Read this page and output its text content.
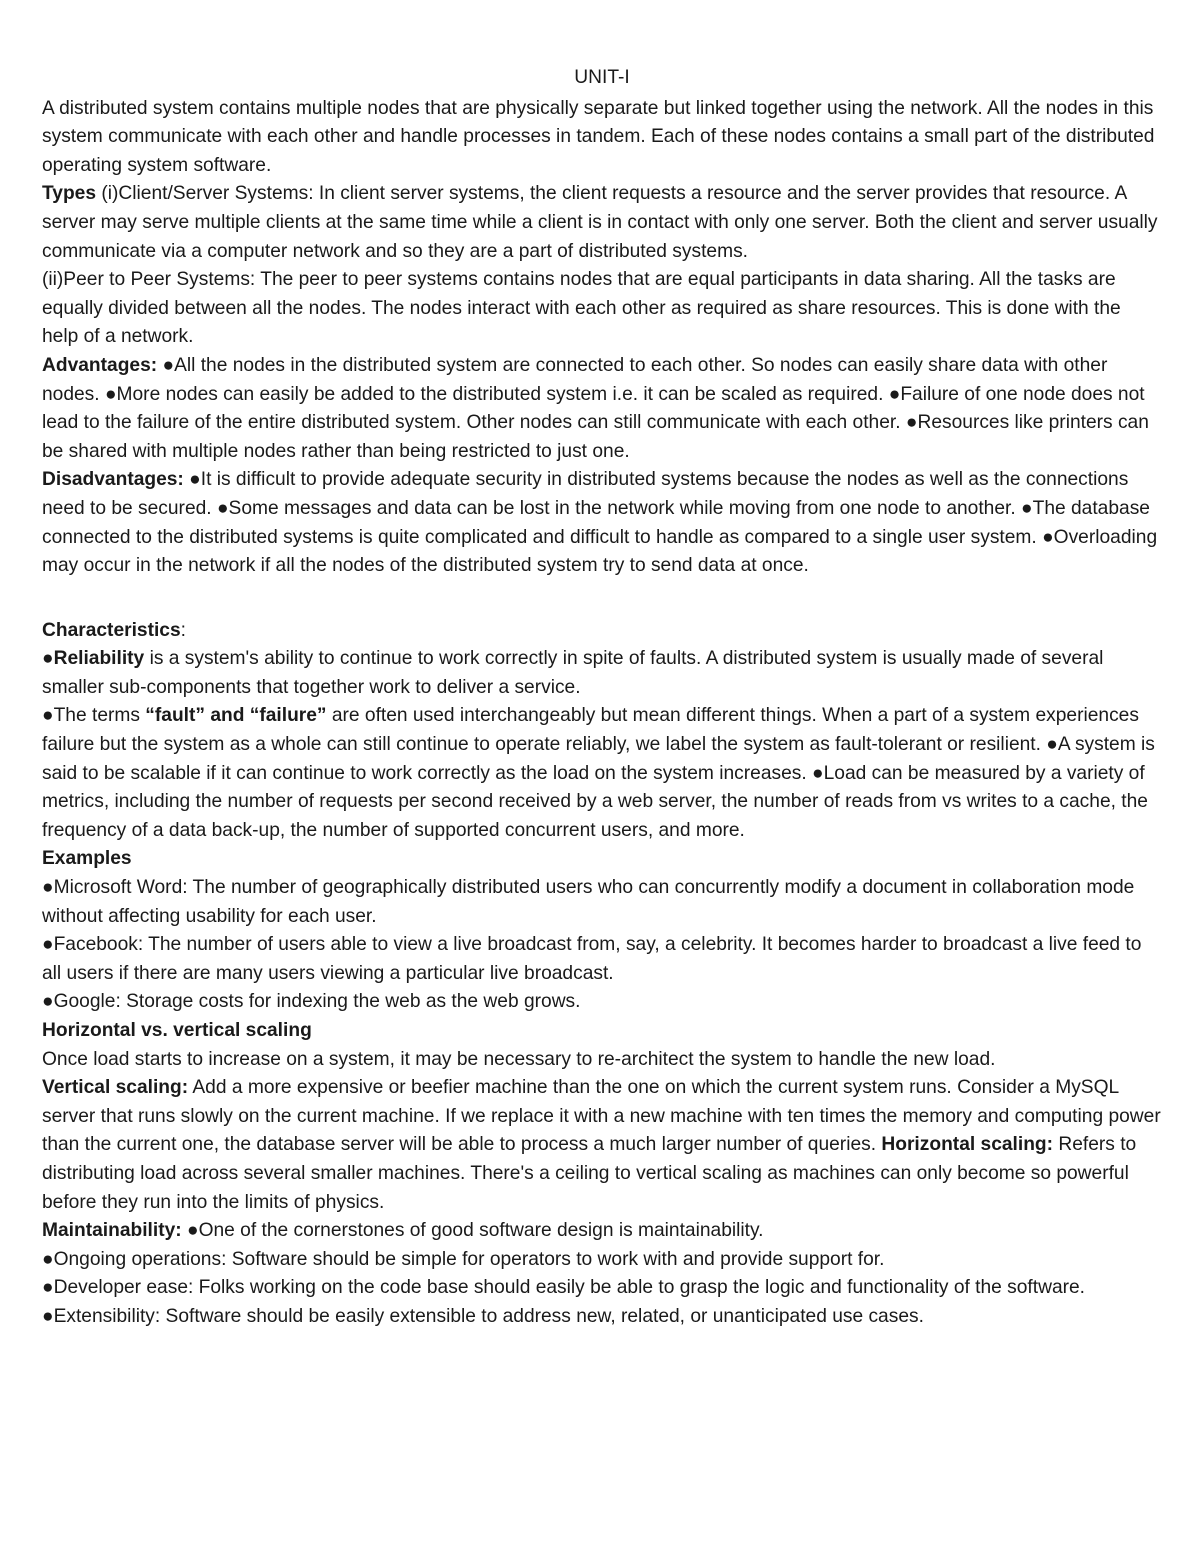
UNIT-I

A distributed system contains multiple nodes that are physically separate but linked together using the network. All the nodes in this system communicate with each other and handle processes in tandem. Each of these nodes contains a small part of the distributed operating system software.

Types (i)Client/Server Systems: In client server systems, the client requests a resource and the server provides that resource. A server may serve multiple clients at the same time while a client is in contact with only one server. Both the client and server usually communicate via a computer network and so they are a part of distributed systems.

(ii)Peer to Peer Systems: The peer to peer systems contains nodes that are equal participants in data sharing. All the tasks are equally divided between all the nodes. The nodes interact with each other as required as share resources. This is done with the help of a network.

Advantages: ●All the nodes in the distributed system are connected to each other. So nodes can easily share data with other nodes. ●More nodes can easily be added to the distributed system i.e. it can be scaled as required. ●Failure of one node does not lead to the failure of the entire distributed system. Other nodes can still communicate with each other. ●Resources like printers can be shared with multiple nodes rather than being restricted to just one.

Disadvantages: ●It is difficult to provide adequate security in distributed systems because the nodes as well as the connections need to be secured. ●Some messages and data can be lost in the network while moving from one node to another. ●The database connected to the distributed systems is quite complicated and difficult to handle as compared to a single user system. ●Overloading may occur in the network if all the nodes of the distributed system try to send data at once.

Characteristics:

●Reliability is a system's ability to continue to work correctly in spite of faults. A distributed system is usually made of several smaller sub-components that together work to deliver a service.

●The terms “fault” and “failure” are often used interchangeably but mean different things. When a part of a system experiences failure but the system as a whole can still continue to operate reliably, we label the system as fault-tolerant or resilient. ●A system is said to be scalable if it can continue to work correctly as the load on the system increases. ●Load can be measured by a variety of metrics, including the number of requests per second received by a web server, the number of reads from vs writes to a cache, the frequency of a data back-up, the number of supported concurrent users, and more.

Examples

●Microsoft Word: The number of geographically distributed users who can concurrently modify a document in collaboration mode without affecting usability for each user.

●Facebook: The number of users able to view a live broadcast from, say, a celebrity. It becomes harder to broadcast a live feed to all users if there are many users viewing a particular live broadcast.

●Google: Storage costs for indexing the web as the web grows.

Horizontal vs. vertical scaling

Once load starts to increase on a system, it may be necessary to re-architect the system to handle the new load.

Vertical scaling: Add a more expensive or beefier machine than the one on which the current system runs. Consider a MySQL server that runs slowly on the current machine. If we replace it with a new machine with ten times the memory and computing power than the current one, the database server will be able to process a much larger number of queries. Horizontal scaling: Refers to distributing load across several smaller machines. There's a ceiling to vertical scaling as machines can only become so powerful before they run into the limits of physics.

Maintainability: ●One of the cornerstones of good software design is maintainability.

●Ongoing operations: Software should be simple for operators to work with and provide support for.

●Developer ease: Folks working on the code base should easily be able to grasp the logic and functionality of the software. ●Extensibility: Software should be easily extensible to address new, related, or unanticipated use cases.
